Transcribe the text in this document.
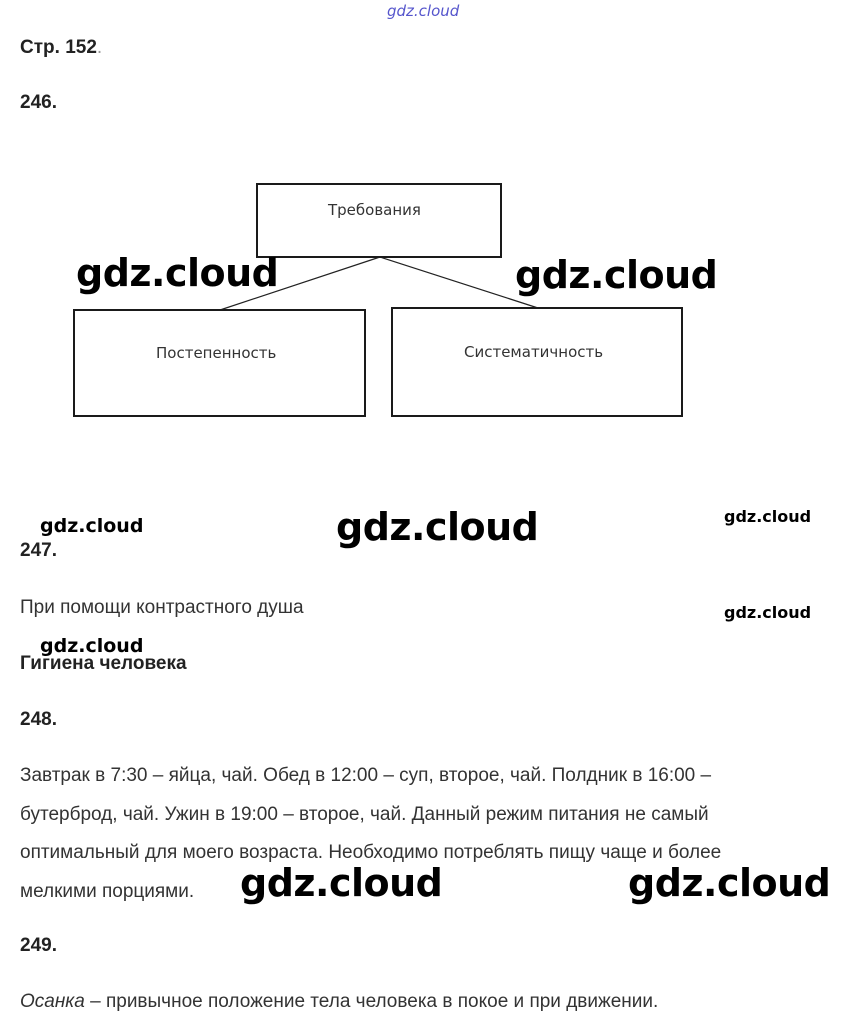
gdz.cloud
Стр. 152.
246.
Требования
Постепенность	Систематичность
gdz.cloud	gdz.cloud
gdz.cloud	gdz.cloud	gdz.cloud
247.
При помощи контрастного душа	gdz.cloud
gdz.cloud
Гигиена человека
248.
Завтрак в 7:30 – яйца, чай. Обед в 12:00 – суп, второе, чай. Полдник в 16:00 –
бутерброд, чай. Ужин в 19:00 – второе, чай. Данный режим питания не самый
оптимальный для моего возраста. Необходимо потреблять пищу чаще и более
мелкими порциями.	gdz.cloud	gdz.cloud
249.
Осанка – привычное положение тела человека в покое и при движении.
